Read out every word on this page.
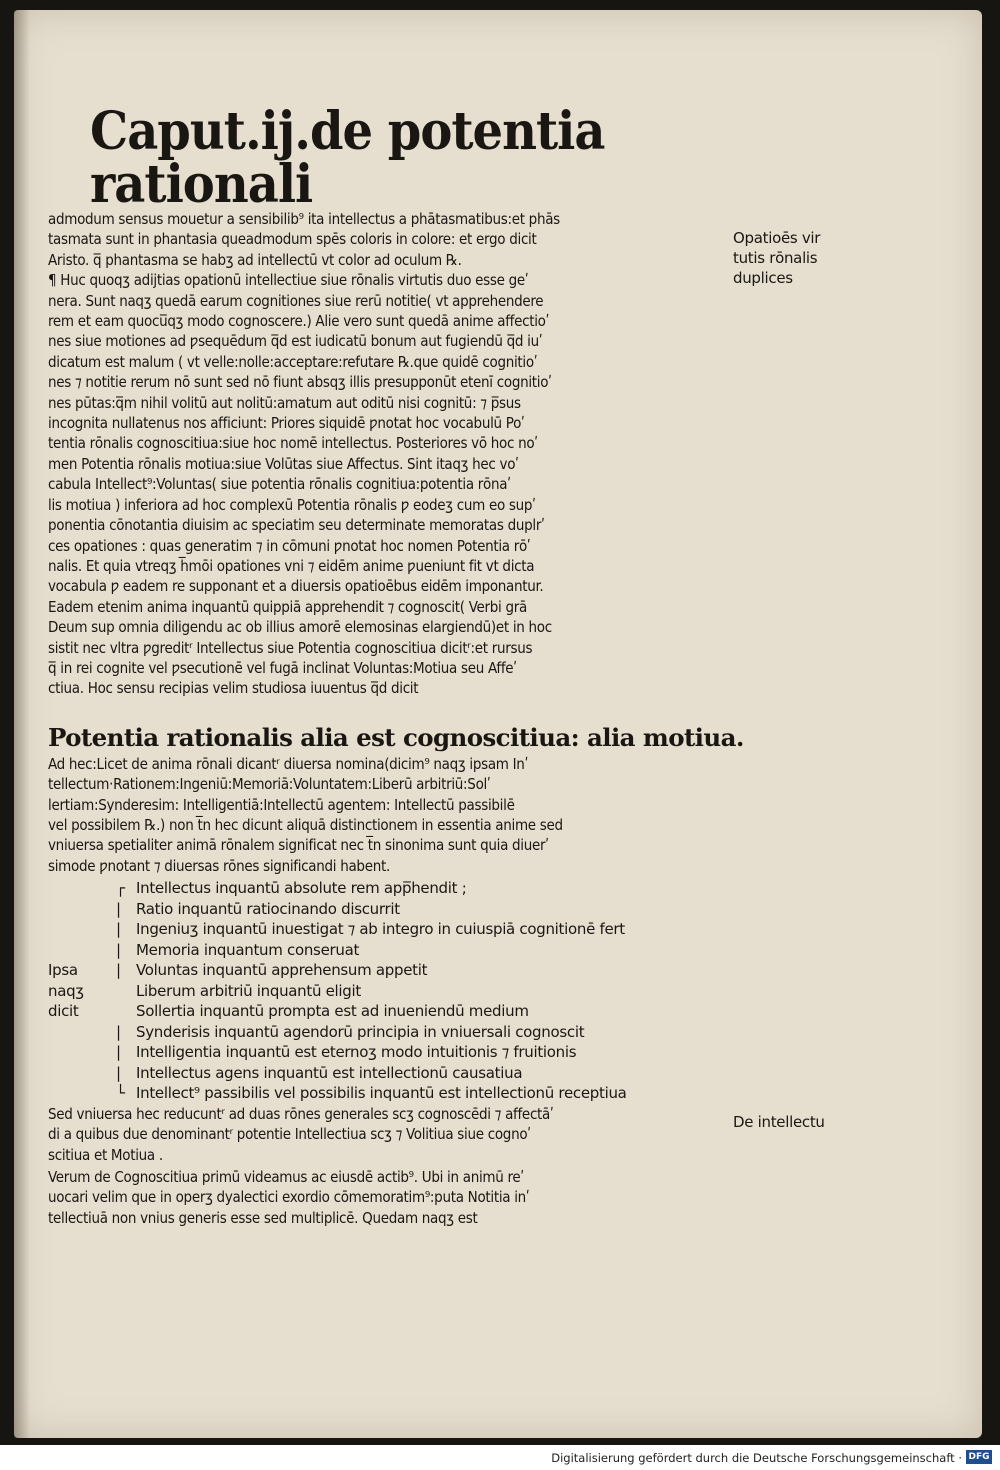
Caput.ij.de potentia rationali
admodum sensus mouetur a sensibilib⁹ ita intellectus a phātasmatibus:et phās
tasmata sunt in phantasia queadmodum spēs coloris in colore: et ergo dicit
Aristo. q̅ phantasma se habʒ ad intellectū vt color ad oculum ℞.
¶ Huc quoqʒ adijtias opationū intellectiue siue rōnalis virtutis duo esse geʹ
nera. Sunt naqʒ quedā earum cognitiones siue rerū notitie( vt apprehendere
rem et eam quocu̅qʒ modo cognoscere.) Alie vero sunt quedā anime affectioʹ
nes siue motiones ad ƿsequēdum q̅d est iudicatū bonum aut fugiendū q̅d iuʹ
dicatum est malum ( vt velle:nolle:acceptare:refutare ℞.que quidē cognitioʹ
nes ⁊ notitie rerum nō sunt sed nō fiunt absqʒ illis presupponūt etenī cognitioʹ
nes pūtas:q̅m nihil volitū aut nolitū:amatum aut oditū nisi cognitū: ⁊ p̅sus
incognita nullatenus nos afficiunt: Priores siquidē ƿnotat hoc vocabulū Poʹ
tentia rōnalis cognoscitiua:siue hoc nomē intellectus. Posteriores vō hoc noʹ
men Potentia rōnalis motiua:siue Volūtas siue Affectus. Sint itaqʒ hec voʹ
cabula Intellect⁹:Voluntas( siue potentia rōnalis cognitiua:potentia rōnaʹ
lis motiua ) inferiora ad hoc complexū Potentia rōnalis ƿ eodeʒ cum eo supʹ
ponentia cōnotantia diuisim ac speciatim seu determinate memoratas duplrʹ
ces opationes : quas generatim ⁊ in cōmuni ƿnotat hoc nomen Potentia rōʹ
nalis. Et quia vtreqʒ h̅mōi opationes vni ⁊ eidēm anime ƿueniunt fit vt dicta
vocabula ƿ eadem re supponant et a diuersis opatioēbus eidēm imponantur.
Eadem etenim anima inquantū quippiā apprehendit ⁊ cognoscit( Verbi grā
Deum sup omnia diligendu ac ob illius amorē elemosinas elargiendū)et in hoc
sistit nec vltra ƿgreditʳ Intellectus siue Potentia cognoscitiua dicitʳ:et rursus
q̅ in rei cognite vel ƿsecutionē vel fugā inclinat Voluntas:Motiua seu Affeʹ
ctiua. Hoc sensu recipias velim studiosa iuuentus q̅d dicit
Potentia rationalis alia est cognoscitiua: alia motiua.
Ad hec:Licet de anima rōnali dicantʳ diuersa nomina(dicim⁹ naqʒ ipsam Inʹ
tellectum·Rationem:Ingeniū:Memoriā:Voluntatem:Liberū arbitriū:Solʹ
lertiam:Synderesim: Intelligentiā:Intellectū agentem: Intellectū passibilē
vel possibilem ℞.) non t̅n hec dicunt aliquā distinctionem in essentia anime sed
vniuersa spetialiter animā rōnalem significat nec t̅n sinonima sunt quia diuerʹ
simode ƿnotant ⁊ diuersas rōnes significandi habent.
┌ Intellectus inquantū absolute rem app̅hendit ;
|	Ratio inquantū ratiocinando discurrit
|	Ingeniuʒ inquantū inuestigat ⁊ ab integro in cuiuspiā cognitionē fert
|	Memoria inquantum conseruat
Ipsa	|	Voluntas inquantū apprehensum appetit
naqʒ	Liberum arbitriū inquantū eligit
dicit	Sollertia inquantū prompta est ad inueniendū medium
|	Synderisis inquantū agendorū principia in vniuersali cognoscit
|	Intelligentia inquantū est eternoʒ modo intuitionis ⁊ fruitionis
|	Intellectus agens inquantū est intellectionū causatiua
└ Intellect⁹ passibilis vel possibilis inquantū est intellectionū receptiua
Sed vniuersa hec reducuntʳ ad duas rōnes generales scʒ cognoscēdi ⁊ affectāʹ
di a quibus due denominantʳ potentie Intellectiua scʒ ⁊ Volitiua siue cognoʹ
scitiua et Motiua .
Verum de Cognoscitiua primū videamus ac eiusdē actib⁹. Ubi in animū reʹ
uocari velim que in operʒ dyalectici exordio cōmemoratim⁹:puta Notitia inʹ
tellectiuā non vnius generis esse sed multiplicē. Quedam naqʒ est
Opatioēs vir
tutis rōnalis
duplices
De intellectu
Digitalisierung gefördert durch die Deutsche Forschungsgemeinschaft · DFG
